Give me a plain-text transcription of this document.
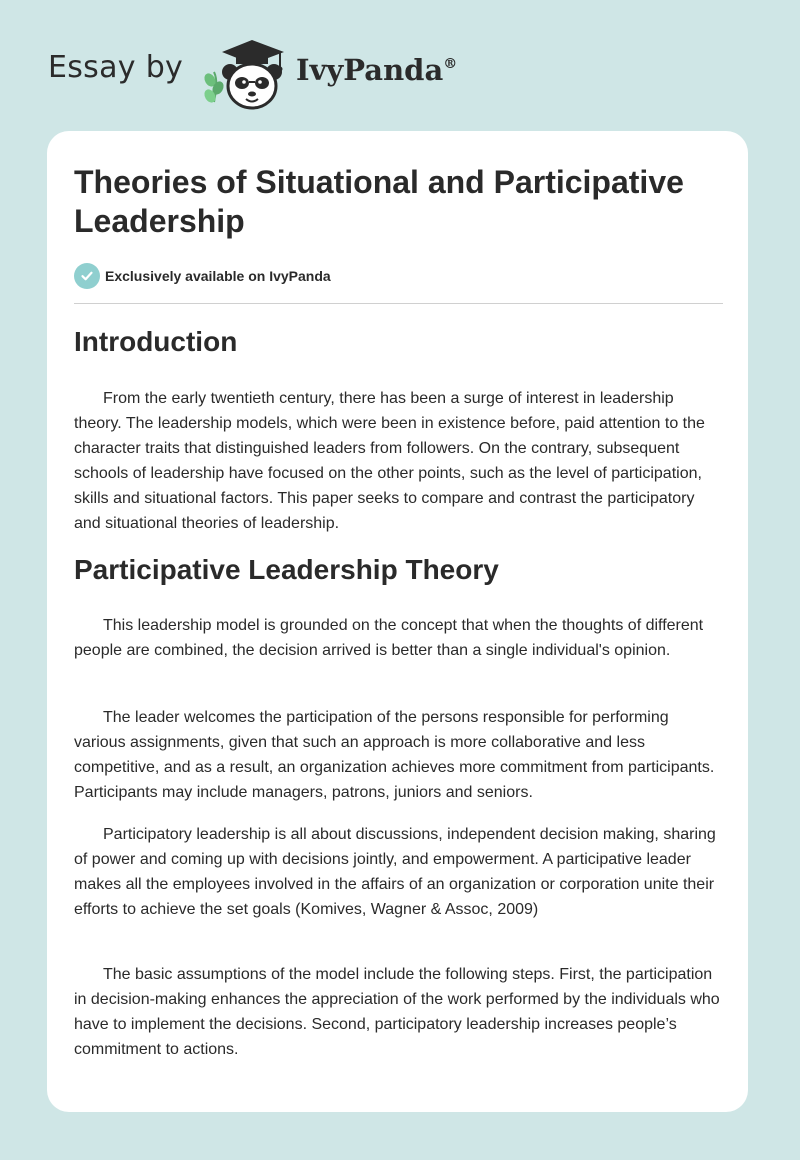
Essay by	IvyPanda®
Theories of Situational and Participative Leadership
Exclusively available on IvyPanda
Introduction

From the early twentieth century, there has been a surge of interest in leadership theory. The leadership models, which were been in existence before, paid attention to the character traits that distinguished leaders from followers. On the contrary, subsequent schools of leadership have focused on the other points, such as the level of participation, skills and situational factors. This paper seeks to compare and contrast the participatory and situational theories of leadership.

Participative Leadership Theory

This leadership model is grounded on the concept that when the thoughts of different people are combined, the decision arrived is better than a single individual's opinion.

The leader welcomes the participation of the persons responsible for performing various assignments, given that such an approach is more collaborative and less competitive, and as a result, an organization achieves more commitment from participants. Participants may include managers, patrons, juniors and seniors.

Participatory leadership is all about discussions, independent decision making, sharing of power and coming up with decisions jointly, and empowerment. A participative leader makes all the employees involved in the affairs of an organization or corporation unite their efforts to achieve the set goals (Komives, Wagner & Assoc, 2009)

The basic assumptions of the model include the following steps. First, the participation in decision-making enhances the appreciation of the work performed by the individuals who have to implement the decisions. Second, participatory leadership increases people’s commitment to actions.
